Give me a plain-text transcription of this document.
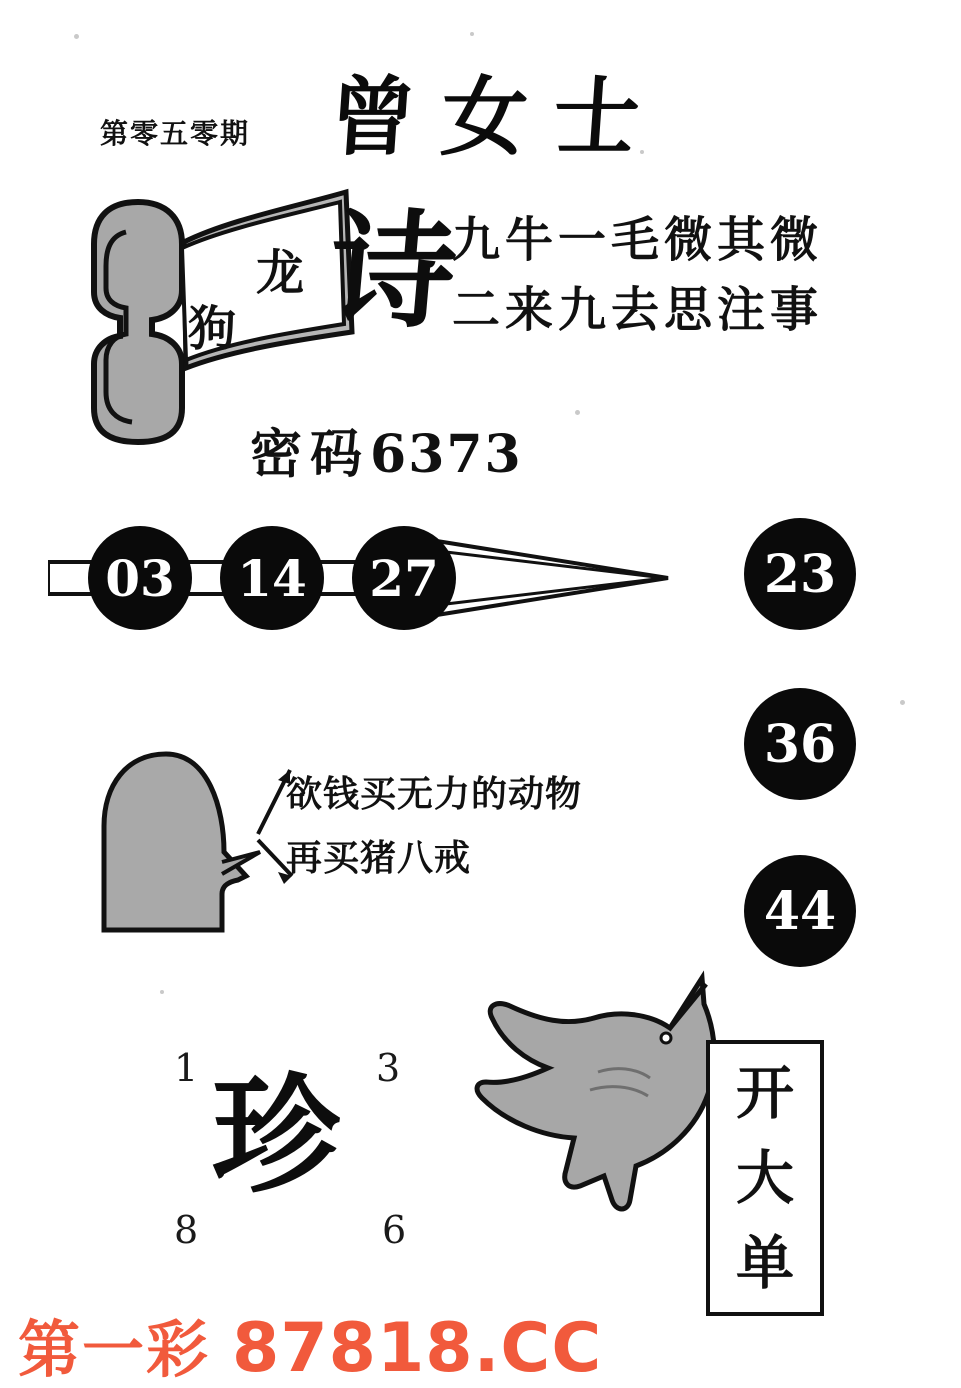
第零五零期 曾女士
龙
狗 诗
九牛一毛微其微
二来九去思注事
密码6373
03	14	27	23
36
44
欲钱买无力的动物
再买猪八戒
1	3
珍
8	6
开
大
单
第一彩 87818.CC
